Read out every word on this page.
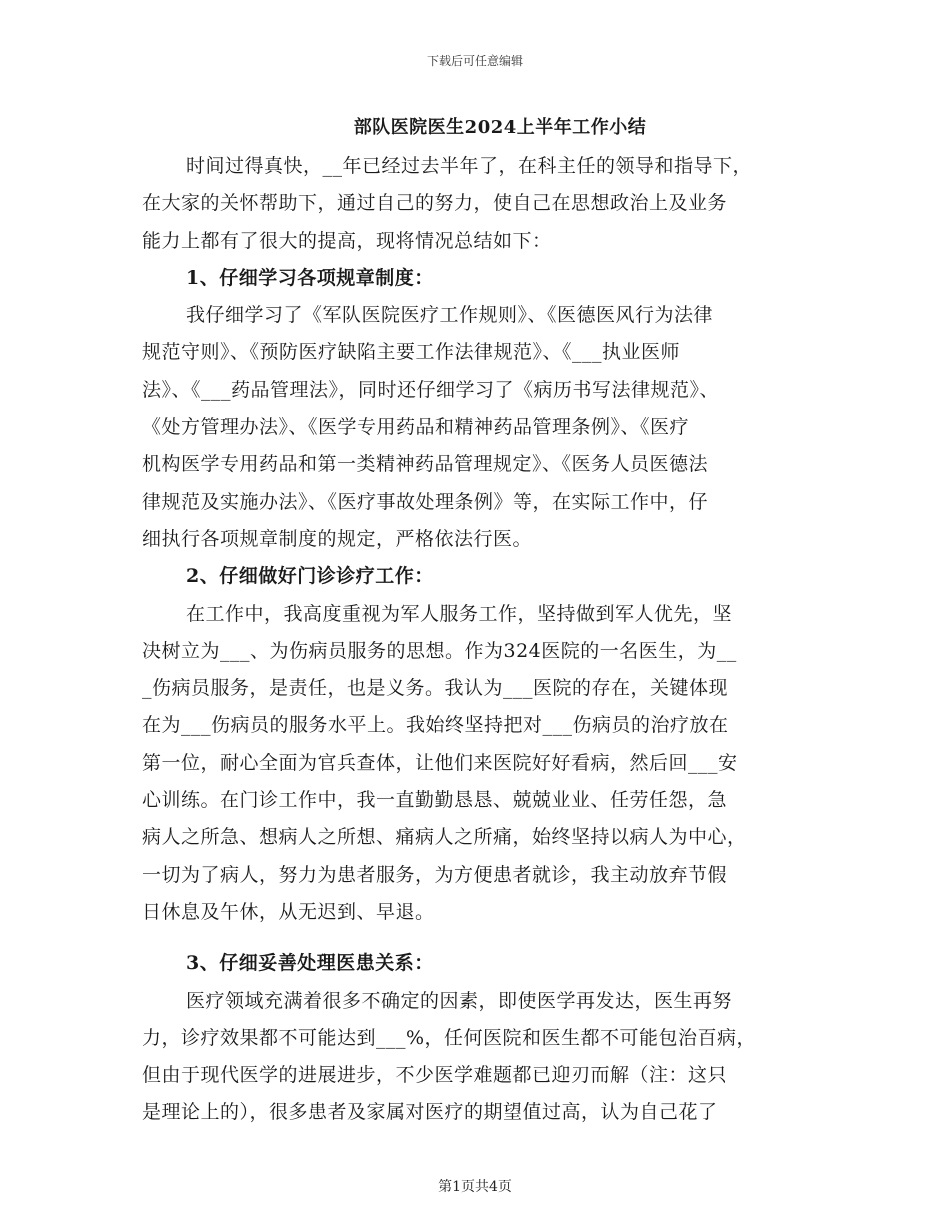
下载后可任意编辑
部队医院医生2024上半年工作小结
时间过得真快，__年已经过去半年了，在科主任的领导和指导下，
在大家的关怀帮助下，通过自己的努力，使自己在思想政治上及业务
能力上都有了很大的提高，现将情况总结如下：
1、仔细学习各项规章制度：
我仔细学习了《军队医院医疗工作规则》、《医德医风行为法律
规范守则》、《预防医疗缺陷主要工作法律规范》、《___执业医师
法》、《___药品管理法》，同时还仔细学习了《病历书写法律规范》、
《处方管理办法》、《医学专用药品和精神药品管理条例》、《医疗
机构医学专用药品和第一类精神药品管理规定》、《医务人员医德法
律规范及实施办法》、《医疗事故处理条例》等，在实际工作中，仔
细执行各项规章制度的规定，严格依法行医。
2、仔细做好门诊诊疗工作：
在工作中，我高度重视为军人服务工作，坚持做到军人优先，坚
决树立为___、为伤病员服务的思想。作为324医院的一名医生，为__
_伤病员服务，是责任，也是义务。我认为___医院的存在，关键体现
在为___伤病员的服务水平上。我始终坚持把对___伤病员的治疗放在
第一位，耐心全面为官兵查体，让他们来医院好好看病，然后回___安
心训练。在门诊工作中，我一直勤勤恳恳、兢兢业业、任劳任怨，急
病人之所急、想病人之所想、痛病人之所痛，始终坚持以病人为中心，
一切为了病人，努力为患者服务，为方便患者就诊，我主动放弃节假
日休息及午休，从无迟到、早退。
3、仔细妥善处理医患关系：
医疗领域充满着很多不确定的因素，即使医学再发达，医生再努
力，诊疗效果都不可能达到___%，任何医院和医生都不可能包治百病，
但由于现代医学的进展进步，不少医学难题都已迎刃而解（注：这只
是理论上的），很多患者及家属对医疗的期望值过高，认为自己花了
第1页共4页
